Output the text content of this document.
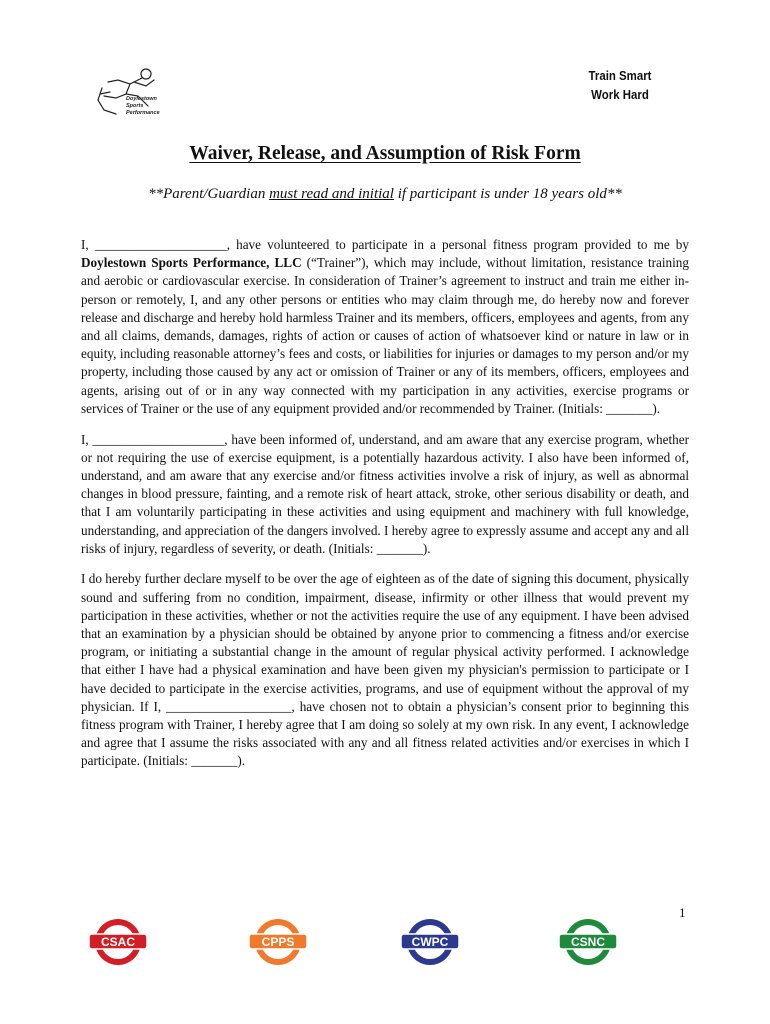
Doylestown
Sports
Performance
Train Smart
Work Hard
Waiver, Release, and Assumption of Risk Form
**Parent/Guardian must read and initial if participant is under 18 years old**

I, ____________________, have volunteered to participate in a personal fitness program provided to me by Doylestown Sports Performance, LLC (“Trainer”), which may include, without limitation, resistance training and aerobic or cardiovascular exercise. In consideration of Trainer’s agreement to instruct and train me either in-person or remotely, I, and any other persons or entities who may claim through me, do hereby now and forever release and discharge and hereby hold harmless Trainer and its members, officers, employees and agents, from any and all claims, demands, damages, rights of action or causes of action of whatsoever kind or nature in law or in equity, including reasonable attorney’s fees and costs, or liabilities for injuries or damages to my person and/or my property, including those caused by any act or omission of Trainer or any of its members, officers, employees and agents, arising out of or in any way connected with my participation in any activities, exercise programs or services of Trainer or the use of any equipment provided and/or recommended by Trainer. (Initials: _______).

I, ____________________, have been informed of, understand, and am aware that any exercise program, whether or not requiring the use of exercise equipment, is a potentially hazardous activity. I also have been informed of, understand, and am aware that any exercise and/or fitness activities involve a risk of injury, as well as abnormal changes in blood pressure, fainting, and a remote risk of heart attack, stroke, other serious disability or death, and that I am voluntarily participating in these activities and using equipment and machinery with full knowledge, understanding, and appreciation of the dangers involved. I hereby agree to expressly assume and accept any and all risks of injury, regardless of severity, or death. (Initials: _______).

I do hereby further declare myself to be over the age of eighteen as of the date of signing this document, physically sound and suffering from no condition, impairment, disease, infirmity or other illness that would prevent my participation in these activities, whether or not the activities require the use of any equipment. I have been advised that an examination by a physician should be obtained by anyone prior to commencing a fitness and/or exercise program, or initiating a substantial change in the amount of regular physical activity performed. I acknowledge that either I have had a physical examination and have been given my physician's permission to participate or I have decided to participate in the exercise activities, programs, and use of equipment without the approval of my physician. If I, ___________________, have chosen not to obtain a physician’s consent prior to beginning this fitness program with Trainer, I hereby agree that I am doing so solely at my own risk. In any event, I acknowledge and agree that I assume the risks associated with any and all fitness related activities and/or exercises in which I participate. (Initials: _______).

1
CSAC	CPPS	CWPC	CSNC
